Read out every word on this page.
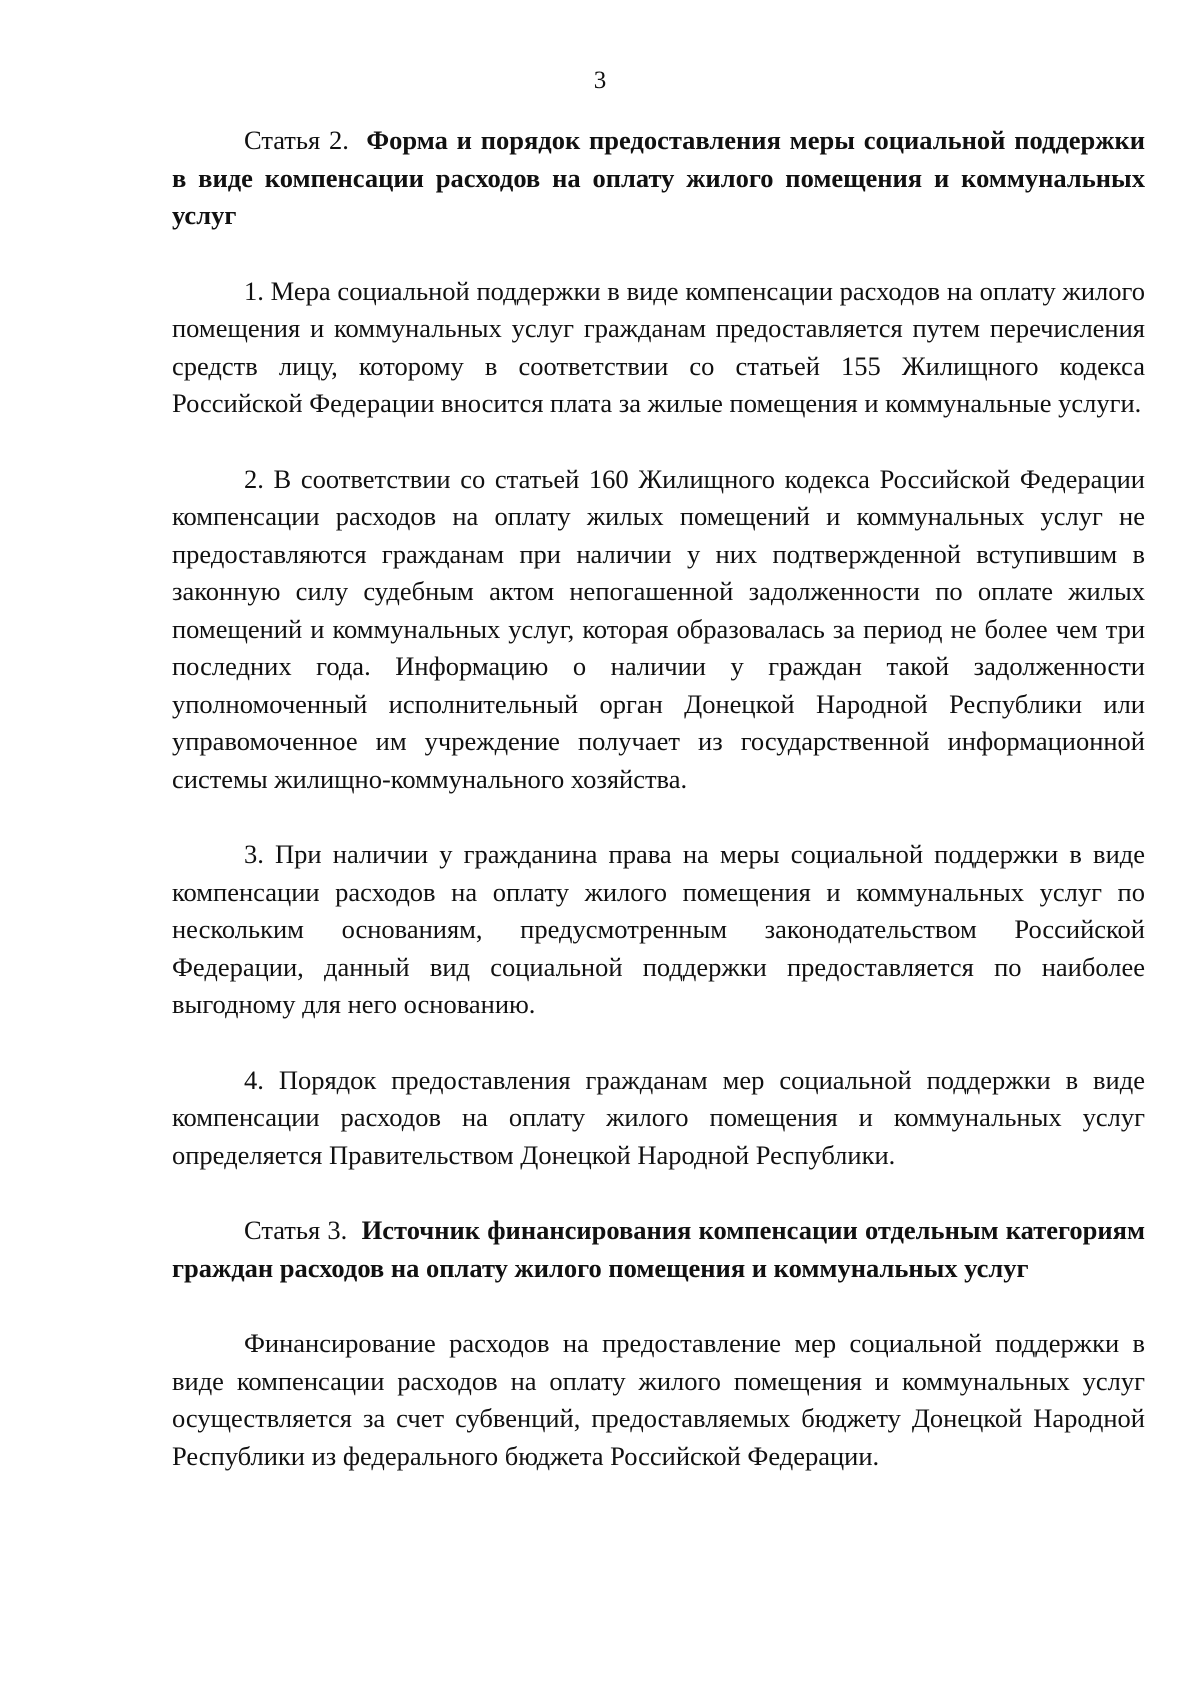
3
Статья 2. Форма и порядок предоставления меры социальной поддержки в виде компенсации расходов на оплату жилого помещения и коммунальных услуг

1. Мера социальной поддержки в виде компенсации расходов на оплату жилого помещения и коммунальных услуг гражданам предоставляется путем перечисления средств лицу, которому в соответствии со статьей 155 Жилищного кодекса Российской Федерации вносится плата за жилые помещения и коммунальные услуги.

2. В соответствии со статьей 160 Жилищного кодекса Российской Федерации компенсации расходов на оплату жилых помещений и коммунальных услуг не предоставляются гражданам при наличии у них подтвержденной вступившим в законную силу судебным актом непогашенной задолженности по оплате жилых помещений и коммунальных услуг, которая образовалась за период не более чем три последних года. Информацию о наличии у граждан такой задолженности уполномоченный исполнительный орган Донецкой Народной Республики или управомоченное им учреждение получает из государственной информационной системы жилищно-коммунального хозяйства.

3. При наличии у гражданина права на меры социальной поддержки в виде компенсации расходов на оплату жилого помещения и коммунальных услуг по нескольким основаниям, предусмотренным законодательством Российской Федерации, данный вид социальной поддержки предоставляется по наиболее выгодному для него основанию.

4. Порядок предоставления гражданам мер социальной поддержки в виде компенсации расходов на оплату жилого помещения и коммунальных услуг определяется Правительством Донецкой Народной Республики.

Статья 3. Источник финансирования компенсации отдельным категориям граждан расходов на оплату жилого помещения и коммунальных услуг

Финансирование расходов на предоставление мер социальной поддержки в виде компенсации расходов на оплату жилого помещения и коммунальных услуг осуществляется за счет субвенций, предоставляемых бюджету Донецкой Народной Республики из федерального бюджета Российской Федерации.
